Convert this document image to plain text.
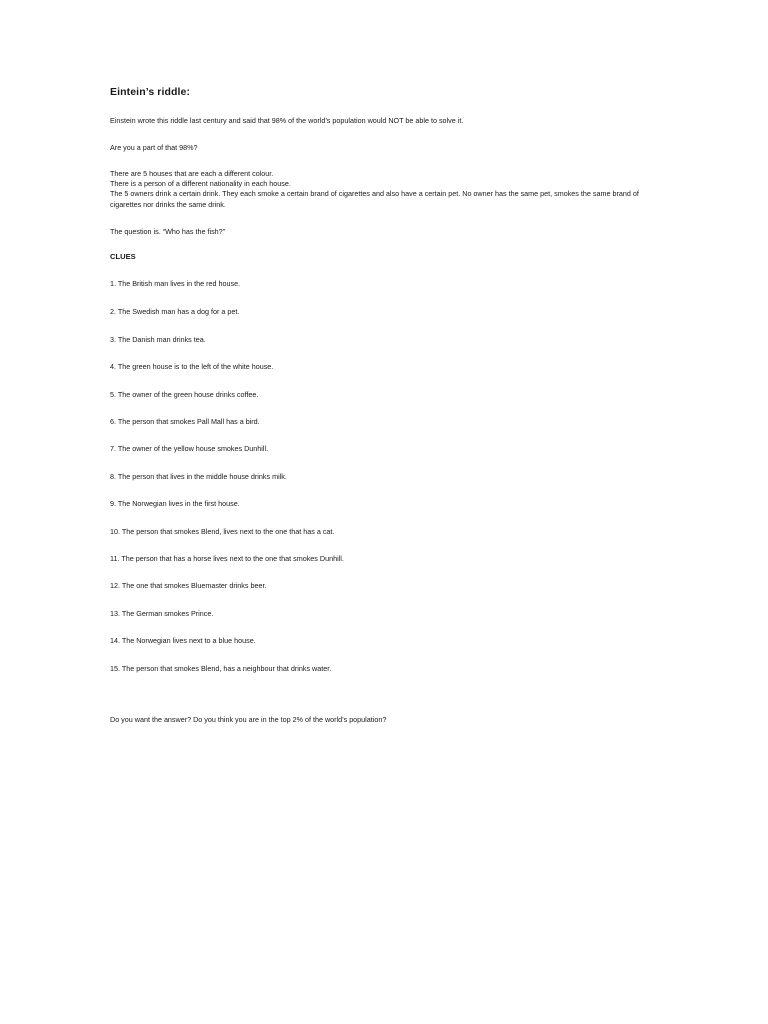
Eintein’s riddle:
Einstein wrote this riddle last century and said that 98% of the world’s population would NOT be able to solve it.
Are you a part of that 98%?
There are 5 houses that are each a different colour.
There is a person of a different nationality in each house.
The 5 owners drink a certain drink. They each smoke a certain brand of cigarettes and also have a certain pet. No owner has the same pet, smokes the same brand of cigarettes nor drinks the same drink.
The question is. “Who has the fish?”
CLUES
1. The British man lives in the red house.
2. The Swedish man has a dog for a pet.
3. The Danish man drinks tea.
4. The green house is to the left of the white house.
5. The owner of the green house drinks coffee.
6. The person that smokes Pall Mall has a bird.
7. The owner of the yellow house smokes Dunhill.
8. The person that lives in the middle house drinks milk.
9. The Norwegian lives in the first house.
10. The person that smokes Blend, lives next to the one that has a cat.
11. The person that has a horse lives next to the one that smokes Dunhill.
12. The one that smokes Bluemaster drinks beer.
13. The German smokes Prince.
14. The Norwegian lives next to a blue house.
15. The person that smokes Blend, has a neighbour that drinks water.
Do you want the answer? Do you think you are in the top 2% of the world’s population?
